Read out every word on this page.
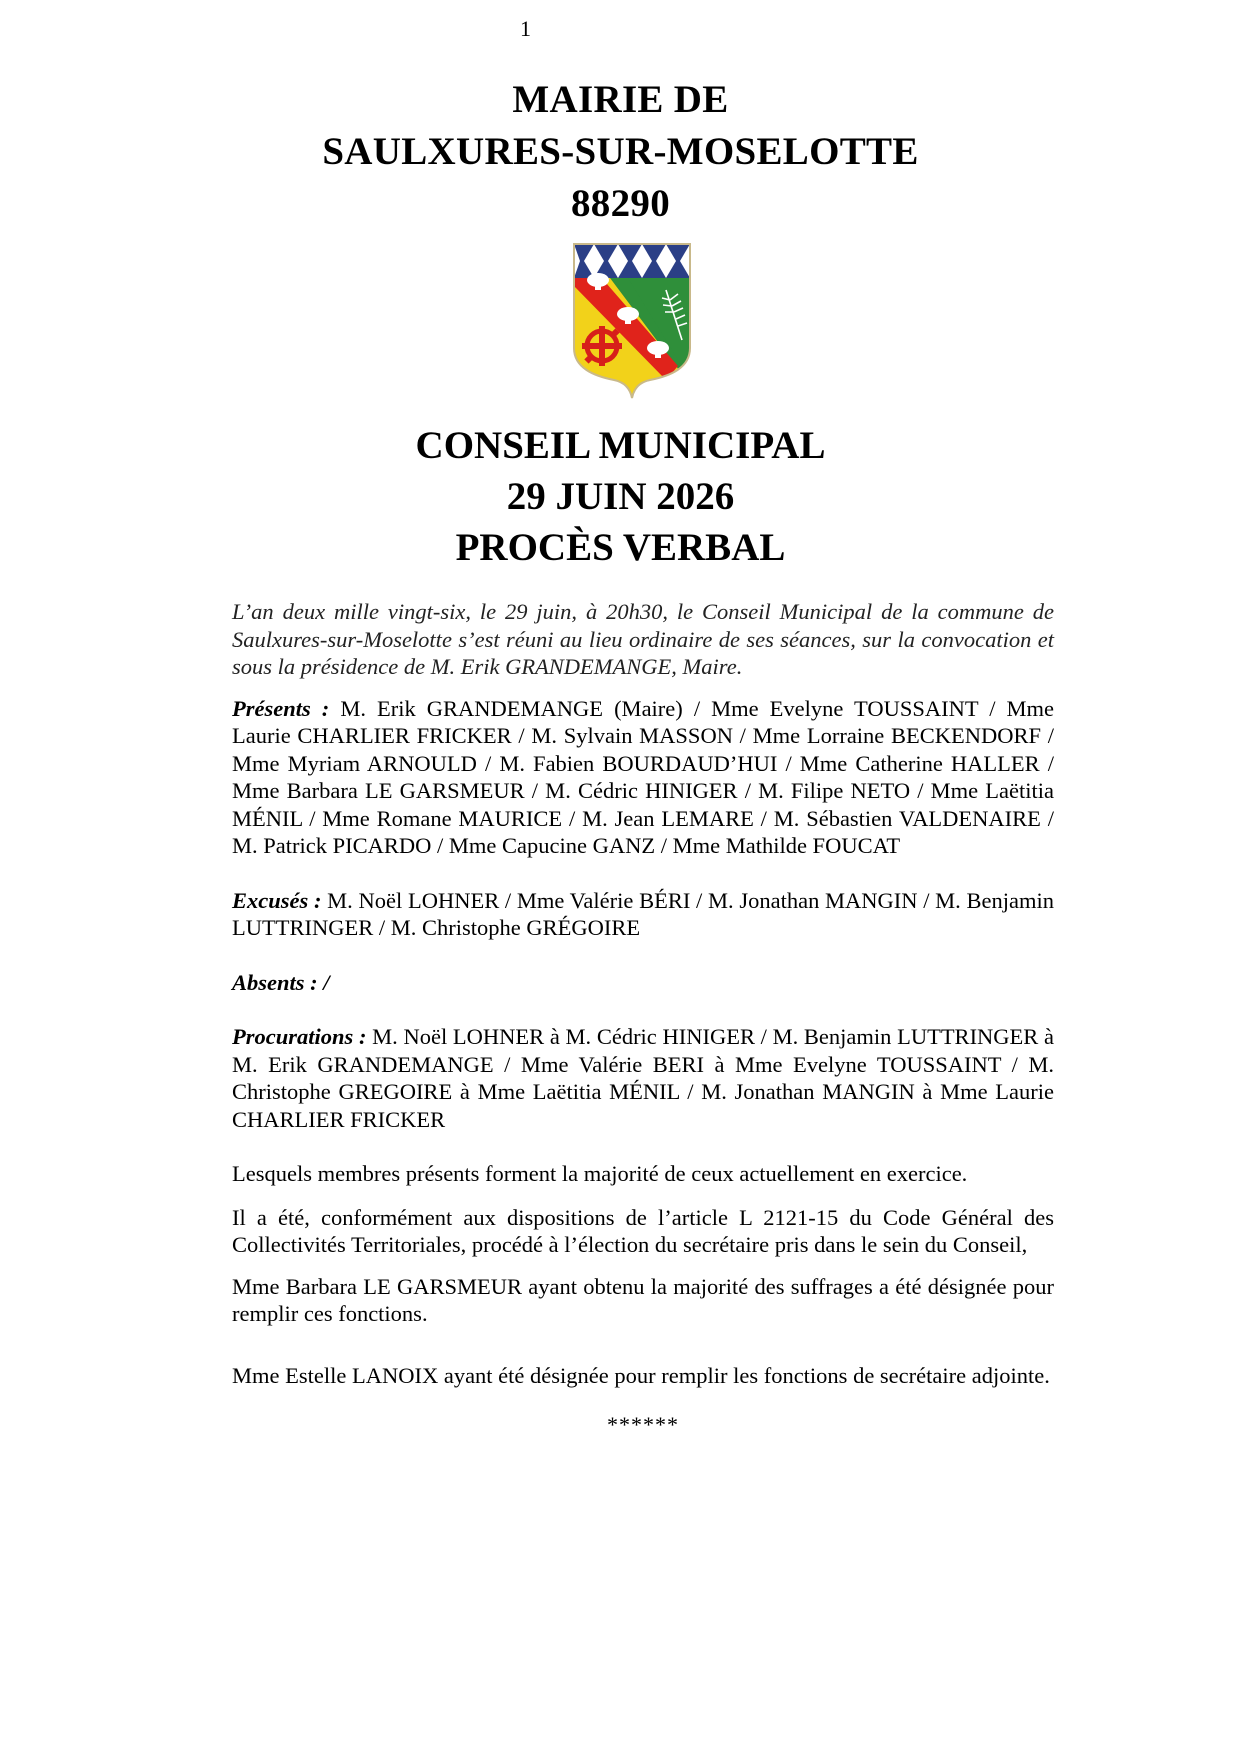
1
MAIRIE DE
SAULXURES-SUR-MOSELOTTE
88290
CONSEIL MUNICIPAL
29 JUIN 2026
PROCÈS VERBAL

L’an deux mille vingt-six, le 29 juin, à 20h30, le Conseil Municipal de la commune de Saulxures-sur-Moselotte s’est réuni au lieu ordinaire de ses séances, sur la convocation et sous la présidence de M. Erik GRANDEMANGE, Maire.

Présents : M. Erik GRANDEMANGE (Maire) / Mme Evelyne TOUSSAINT / Mme Laurie CHARLIER FRICKER / M. Sylvain MASSON / Mme Lorraine BECKENDORF / Mme Myriam ARNOULD / M. Fabien BOURDAUD’HUI / Mme Catherine HALLER / Mme Barbara LE GARSMEUR / M. Cédric HINIGER / M. Filipe NETO / Mme Laëtitia MÉNIL / Mme Romane MAURICE / M. Jean LEMARE / M. Sébastien VALDENAIRE / M. Patrick PICARDO / Mme Capucine GANZ / Mme Mathilde FOUCAT

Excusés : M. Noël LOHNER / Mme Valérie BÉRI / M. Jonathan MANGIN / M. Benjamin LUTTRINGER / M. Christophe GRÉGOIRE

Absents : /

Procurations : M. Noël LOHNER à M. Cédric HINIGER / M. Benjamin LUTTRINGER à M. Erik GRANDEMANGE / Mme Valérie BERI à Mme Evelyne TOUSSAINT / M. Christophe GREGOIRE à Mme Laëtitia MÉNIL / M. Jonathan MANGIN à Mme Laurie CHARLIER FRICKER

Lesquels membres présents forment la majorité de ceux actuellement en exercice.

Il a été, conformément aux dispositions de l’article L 2121-15 du Code Général des Collectivités Territoriales, procédé à l’élection du secrétaire pris dans le sein du Conseil,

Mme Barbara LE GARSMEUR ayant obtenu la majorité des suffrages a été désignée pour remplir ces fonctions.

Mme Estelle LANOIX ayant été désignée pour remplir les fonctions de secrétaire adjointe.

******
